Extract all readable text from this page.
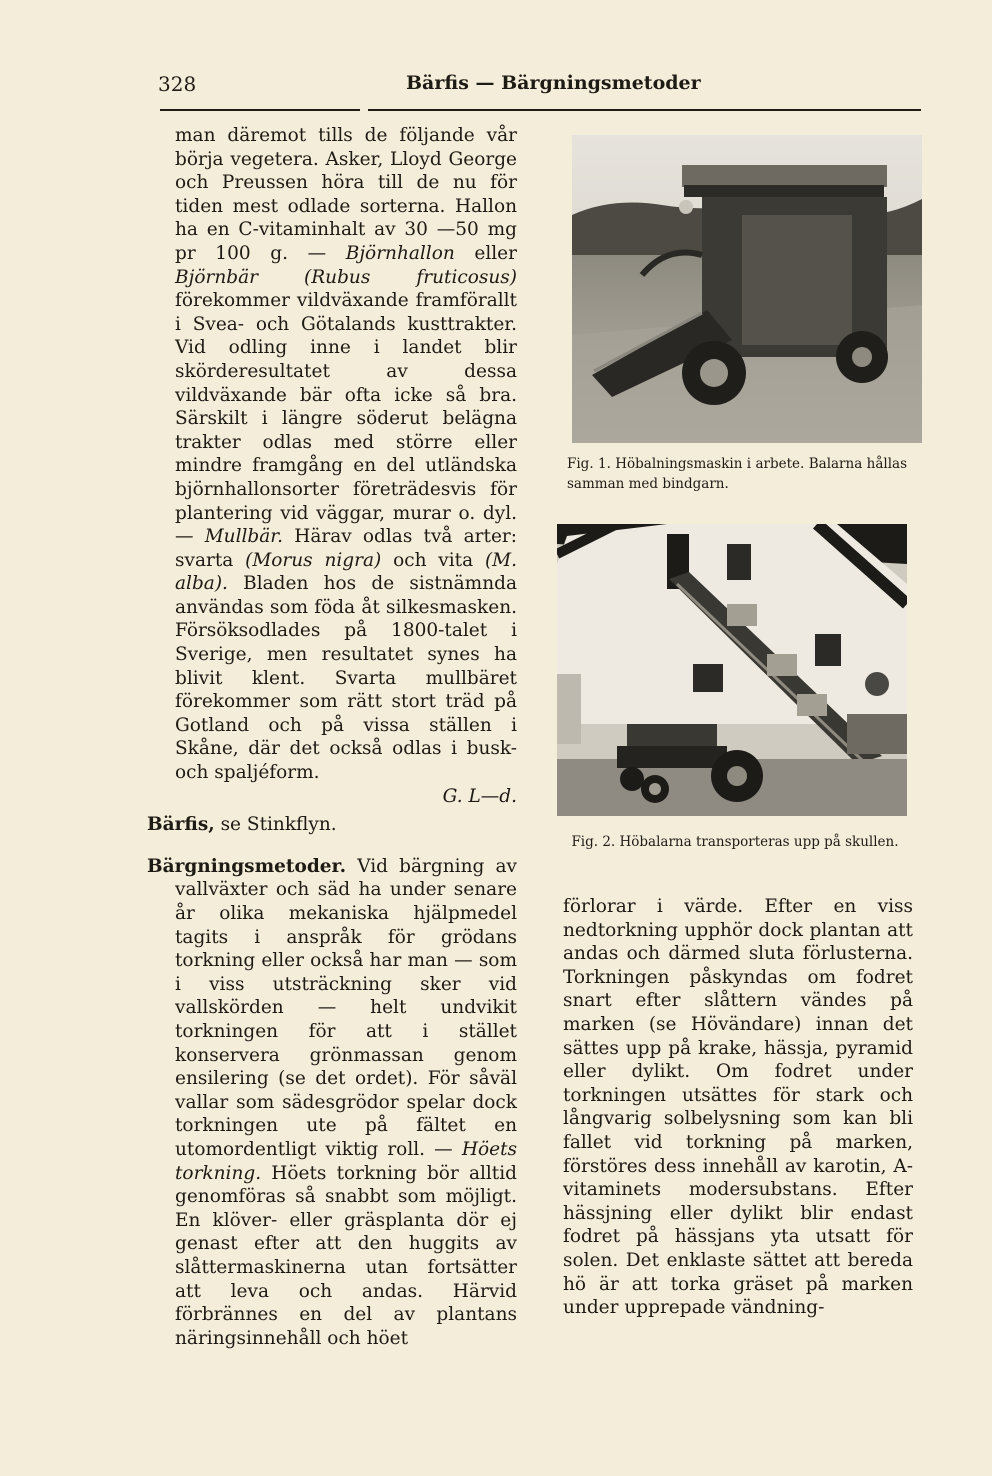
328	Bärfis — Bärgningsmetoder

man däremot tills de följande vår börja vegetera. Asker, Lloyd George och Preussen höra till de nu för tiden mest odlade sorterna. Hallon ha en C-vitaminhalt av 30 —50 mg pr 100 g. — Björnhallon eller Björnbär (Rubus fruticosus) förekommer vildväxande framförallt i Svea- och Götalands kusttrakter. Vid odling inne i landet blir skörderesultatet av dessa vildväxande bär ofta icke så bra. Särskilt i längre söderut belägna trakter odlas med större eller mindre framgång en del utländska björnhallonsorter företrädesvis för plantering vid väggar, murar o. dyl. — Mullbär. Härav odlas två arter: svarta (Morus nigra) och vita (M. alba). Bladen hos de sistnämnda användas som föda åt silkesmasken. Försöksodlades på 1800-talet i Sverige, men resultatet synes ha blivit klent. Svarta mullbäret förekommer som rätt stort träd på Gotland och på vissa ställen i Skåne, där det också odlas i busk- och spaljéform.
G. L—d.

Bärfis, se Stinkflyn.

Bärgningsmetoder. Vid bärgning av vallväxter och säd ha under senare år olika mekaniska hjälpmedel tagits i anspråk för grödans torkning eller också har man — som i viss utsträckning sker vid vallskörden — helt undvikit torkningen för att i stället konservera grönmassan genom ensilering (se det ordet). För såväl vallar som sädesgrödor spelar dock torkningen ute på fältet en utomordentligt viktig roll. — Höets torkning. Höets torkning bör alltid genomföras så snabbt som möjligt. En klöver- eller gräsplanta dör ej genast efter att den huggits av slåttermaskinerna utan fortsätter att leva och andas. Härvid förbrännes en del av plantans näringsinnehåll och höet

Fig. 1. Höbalningsmaskin i arbete. Balarna hållas samman med bindgarn.
Fig. 2. Höbalarna transporteras upp på skullen.

förlorar i värde. Efter en viss nedtorkning upphör dock plantan att andas och därmed sluta förlusterna. Torkningen påskyndas om fodret snart efter slåttern vändes på marken (se Hövändare) innan det sättes upp på krake, hässja, pyramid eller dylikt. Om fodret under torkningen utsättes för stark och långvarig solbelysning som kan bli fallet vid torkning på marken, förstöres dess innehåll av karotin, A-vitaminets modersubstans. Efter hässjning eller dylikt blir endast fodret på hässjans yta utsatt för solen. Det enklaste sättet att bereda hö är att torka gräset på marken under upprepade vändning-
